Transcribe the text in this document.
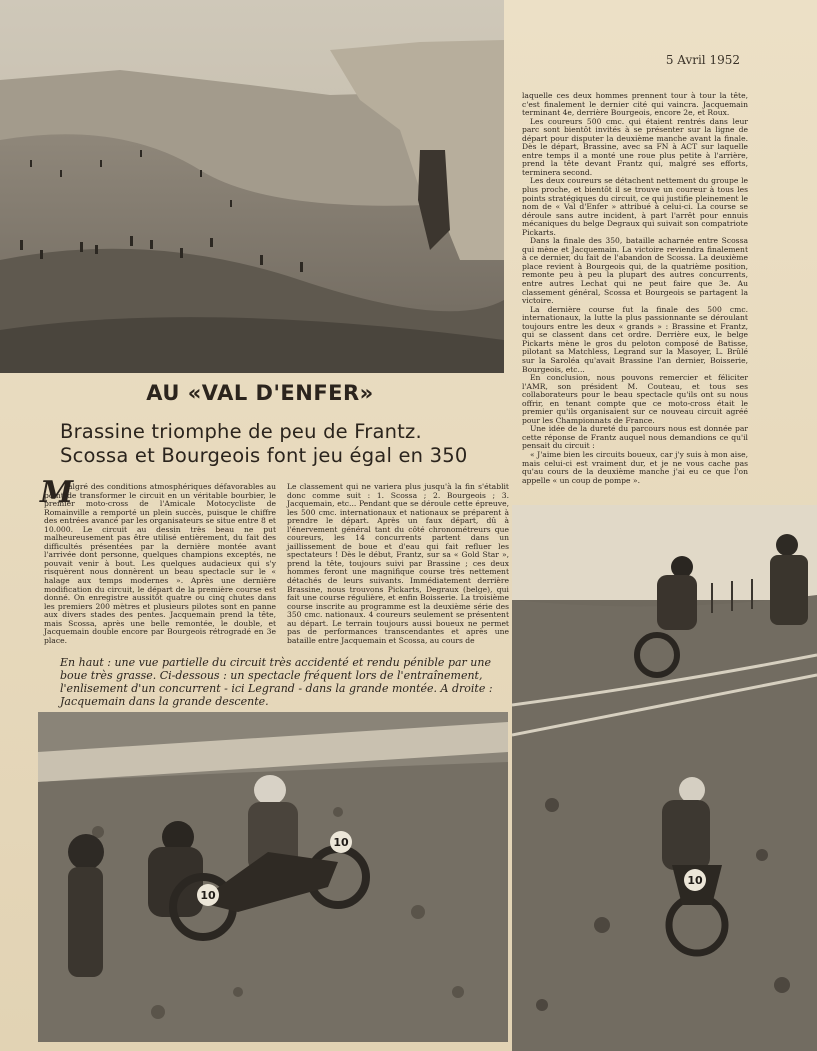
5 Avril 1952

laquelle ces deux hommes prennent tour à tour la tête, c'est finalement le dernier cité qui vaincra. Jacquemain terminant 4e, derrière Bourgeois, encore 2e, et Roux.

Les coureurs 500 cmc. qui étaient rentrés dans leur parc sont bientôt invités à se présenter sur la ligne de départ pour disputer la deuxième manche avant la finale. Dès le départ, Brassine, avec sa FN à ACT sur laquelle entre temps il a monté une roue plus petite à l'arrière, prend la tête devant Frantz qui, malgré ses efforts, terminera second.

Les deux coureurs se détachent nettement du groupe le plus proche, et bientôt il se trouve un coureur à tous les points stratégiques du circuit, ce qui justifie pleinement le nom de « Val d'Enfer » attribué à celui-ci. La course se déroule sans autre incident, à part l'arrêt pour ennuis mécaniques du belge Degraux qui suivait son compatriote Pickarts.

Dans la finale des 350, bataille acharnée entre Scossa qui mène et Jacquemain. La victoire reviendra finalement à ce dernier, du fait de l'abandon de Scossa. La deuxième place revient à Bourgeois qui, de la quatrième position, remonte peu à peu la plupart des autres concurrents, entre autres Lechat qui ne peut faire que 3e. Au classement général, Scossa et Bourgeois se partagent la victoire.

La dernière course fut la finale des 500 cmc. internationaux, la lutte la plus passionnante se déroulant toujours entre les deux « grands » : Brassine et Frantz, qui se classent dans cet ordre. Derrière eux, le belge Pickarts mène le gros du peloton composé de Batisse, pilotant sa Matchless, Legrand sur la Masoyer, L. Brûlé sur la Saroléa qu'avait Brassine l'an dernier, Boisserie, Bourgeois, etc...

En conclusion, nous pouvons remercier et féliciter l'AMR, son président M. Couteau, et tous ses collaborateurs pour le beau spectacle qu'ils ont su nous offrir, en tenant compte que ce moto-cross était le premier qu'ils organisaient sur ce nouveau circuit agréé pour les Championnats de France.

Une idée de la dureté du parcours nous est donnée par cette réponse de Frantz auquel nous demandions ce qu'il pensait du circuit :

« J'aime bien les circuits boueux, car j'y suis à mon aise, mais celui-ci est vraiment dur, et je ne vous cache pas qu'au cours de la deuxième manche j'ai eu ce que l'on appelle « un coup de pompe ».

AU «VAL D'ENFER»
Brassine triomphe de peu de Frantz.
Scossa et Bourgeois font jeu égal en 350
M
algré des conditions atmosphériques défavorables au point de transformer le circuit en un véritable bourbier, le premier moto-cross de l'Amicale Motocycliste de Romainville a remporté un plein succès, puisque le chiffre des entrées avancé par les organisateurs se situe entre 8 et 10.000. Le circuit au dessin très beau ne put malheureusement pas être utilisé entièrement, du fait des difficultés présentées par la dernière montée avant l'arrivée dont personne, quelques champions exceptés, ne pouvait venir à bout. Les quelques audacieux qui s'y risquèrent nous donnèrent un beau spectacle sur le « halage aux temps modernes ». Après une dernière modification du circuit, le départ de la première course est donné. On enregistre aussitôt quatre ou cinq chutes dans les premiers 200 mètres et plusieurs pilotes sont en panne aux divers stades des pentes. Jacquemain prend la tête, mais Scossa, après une belle remontée, le double, et Jacquemain double encore par Bourgeois rétrogradé en 3e place.
Le classement qui ne variera plus jusqu'à la fin s'établit donc comme suit : 1. Scossa ; 2. Bourgeois ; 3. Jacquemain, etc... Pendant que se déroule cette épreuve, les 500 cmc. internationaux et nationaux se préparent à prendre le départ. Après un faux départ, dû à l'énervement général tant du côté chronométreurs que coureurs, les 14 concurrents partent dans un jaillissement de boue et d'eau qui fait refluer les spectateurs ! Dès le début, Frantz, sur sa « Gold Star », prend la tête, toujours suivi par Brassine ; ces deux hommes feront une magnifique course très nettement détachés de leurs suivants. Immédiatement derrière Brassine, nous trouvons Pickarts, Degraux (belge), qui fait une course régulière, et enfin Boisserie. La troisième course inscrite au programme est la deuxième série des 350 cmc. nationaux. 4 coureurs seulement se présentent au départ. Le terrain toujours aussi boueux ne permet pas de performances transcendantes et après une bataille entre Jacquemain et Scossa, au cours de

En haut : une vue partielle du circuit très accidenté et rendu pénible par une boue très grasse. Ci-dessous : un spectacle fréquent lors de l'entraînement, l'enlisement d'un concurrent - ici Legrand - dans la grande montée. A droite : Jacquemain dans la grande descente.

10
10
10
